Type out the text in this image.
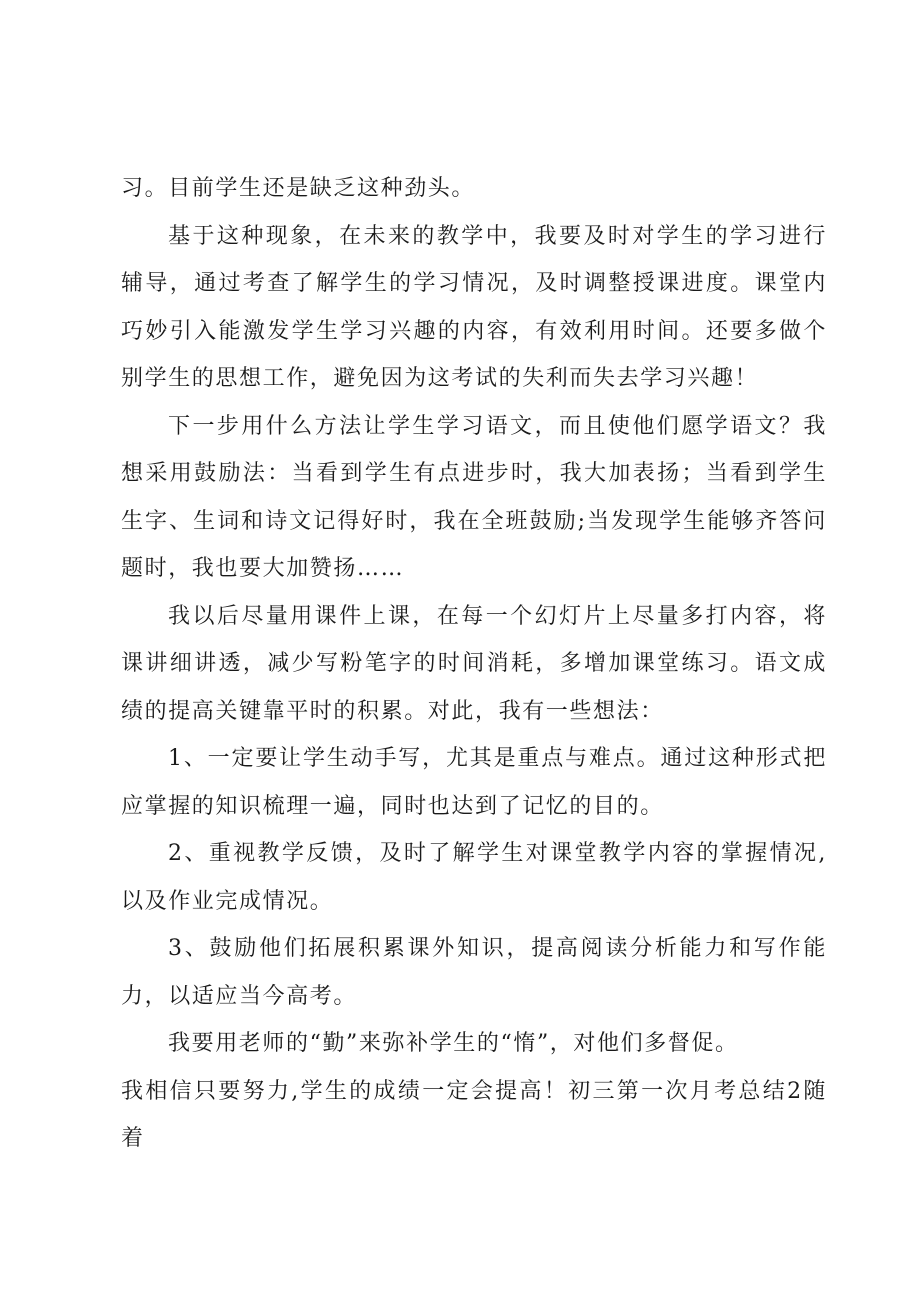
习。目前学生还是缺乏这种劲头。

基于这种现象，在未来的教学中，我要及时对学生的学习进行辅导，通过考查了解学生的学习情况，及时调整授课进度。课堂内巧妙引入能激发学生学习兴趣的内容，有效利用时间。还要多做个别学生的思想工作，避免因为这考试的失利而失去学习兴趣！

下一步用什么方法让学生学习语文，而且使他们愿学语文？我想采用鼓励法：当看到学生有点进步时，我大加表扬；当看到学生生字、生词和诗文记得好时，我在全班鼓励;当发现学生能够齐答问题时，我也要大加赞扬……

我以后尽量用课件上课，在每一个幻灯片上尽量多打内容，将课讲细讲透，减少写粉笔字的时间消耗，多增加课堂练习。语文成绩的提高关键靠平时的积累。对此，我有一些想法：

1、一定要让学生动手写，尤其是重点与难点。通过这种形式把应掌握的知识梳理一遍，同时也达到了记忆的目的。

2、重视教学反馈，及时了解学生对课堂教学内容的掌握情况,以及作业完成情况。

3、鼓励他们拓展积累课外知识，提高阅读分析能力和写作能力，以适应当今高考。

我要用老师的“勤”来弥补学生的“惰”，对他们多督促。

我相信只要努力,学生的成绩一定会提高！初三第一次月考总结2随着
